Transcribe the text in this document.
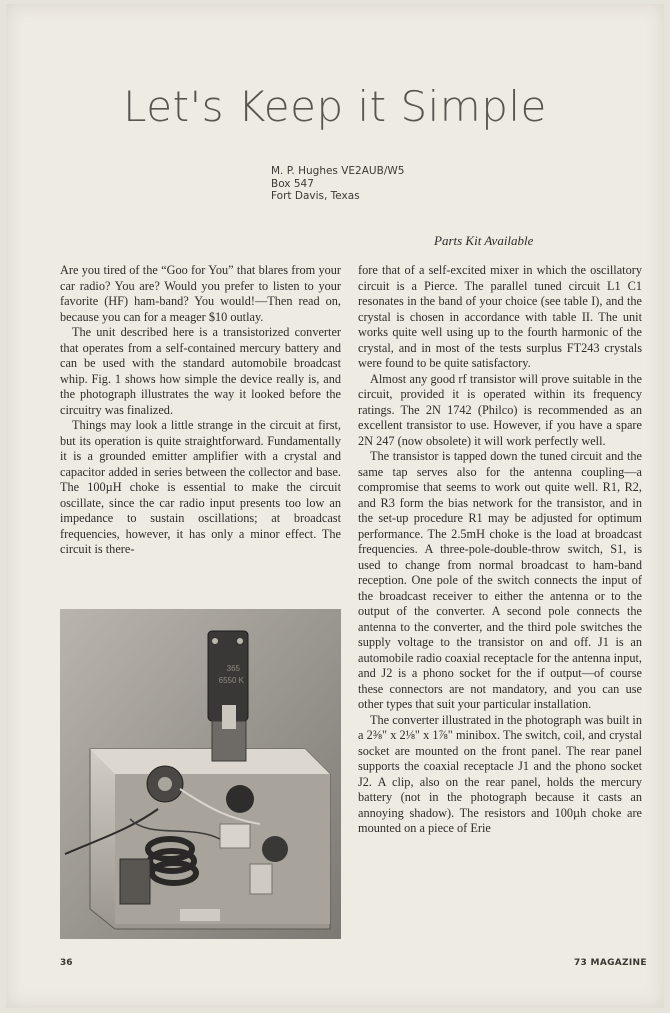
Let's Keep it Simple
M. P. Hughes VE2AUB/W5
Box 547
Fort Davis, Texas
Parts Kit Available

Are you tired of the “Goo for You” that blares from your car radio? You are? Would you prefer to listen to your favorite (HF) ham-band? You would!—Then read on, because you can for a meager $10 outlay.

The unit described here is a transistorized converter that operates from a self-contained mercury battery and can be used with the standard automobile broadcast whip. Fig. 1 shows how simple the device really is, and the photograph illustrates the way it looked before the circuitry was finalized.

Things may look a little strange in the circuit at first, but its operation is quite straightforward. Fundamentally it is a grounded emitter amplifier with a crystal and capacitor added in series between the collector and base. The 100µH choke is essential to make the circuit oscillate, since the car radio input presents too low an impedance to sustain oscillations; at broadcast frequencies, however, it has only a minor effect. The circuit is there-

365
6550 K

fore that of a self-excited mixer in which the oscillatory circuit is a Pierce. The parallel tuned circuit L1 C1 resonates in the band of your choice (see table I), and the crystal is chosen in accordance with table II. The unit works quite well using up to the fourth harmonic of the crystal, and in most of the tests surplus FT243 crystals were found to be quite satisfactory.

Almost any good rf transistor will prove suitable in the circuit, provided it is operated within its frequency ratings. The 2N 1742 (Philco) is recommended as an excellent transistor to use. However, if you have a spare 2N 247 (now obsolete) it will work perfectly well.

The transistor is tapped down the tuned circuit and the same tap serves also for the antenna coupling—a compromise that seems to work out quite well. R1, R2, and R3 form the bias network for the transistor, and in the set-up procedure R1 may be adjusted for optimum performance. The 2.5mH choke is the load at broadcast frequencies. A three-pole-double-throw switch, S1, is used to change from normal broadcast to ham-band reception. One pole of the switch connects the input of the broadcast receiver to either the antenna or to the output of the converter. A second pole connects the antenna to the converter, and the third pole switches the supply voltage to the transistor on and off. J1 is an automobile radio coaxial receptacle for the antenna input, and J2 is a phono socket for the if output—of course these connectors are not mandatory, and you can use other types that suit your particular installation.

The converter illustrated in the photograph was built in a 2⅜" x 2⅛" x 1⅞" minibox. The switch, coil, and crystal socket are mounted on the front panel. The rear panel supports the coaxial receptacle J1 and the phono socket J2. A clip, also on the rear panel, holds the mercury battery (not in the photograph because it casts an annoying shadow). The resistors and 100µh choke are mounted on a piece of Erie

36	73 MAGAZINE
